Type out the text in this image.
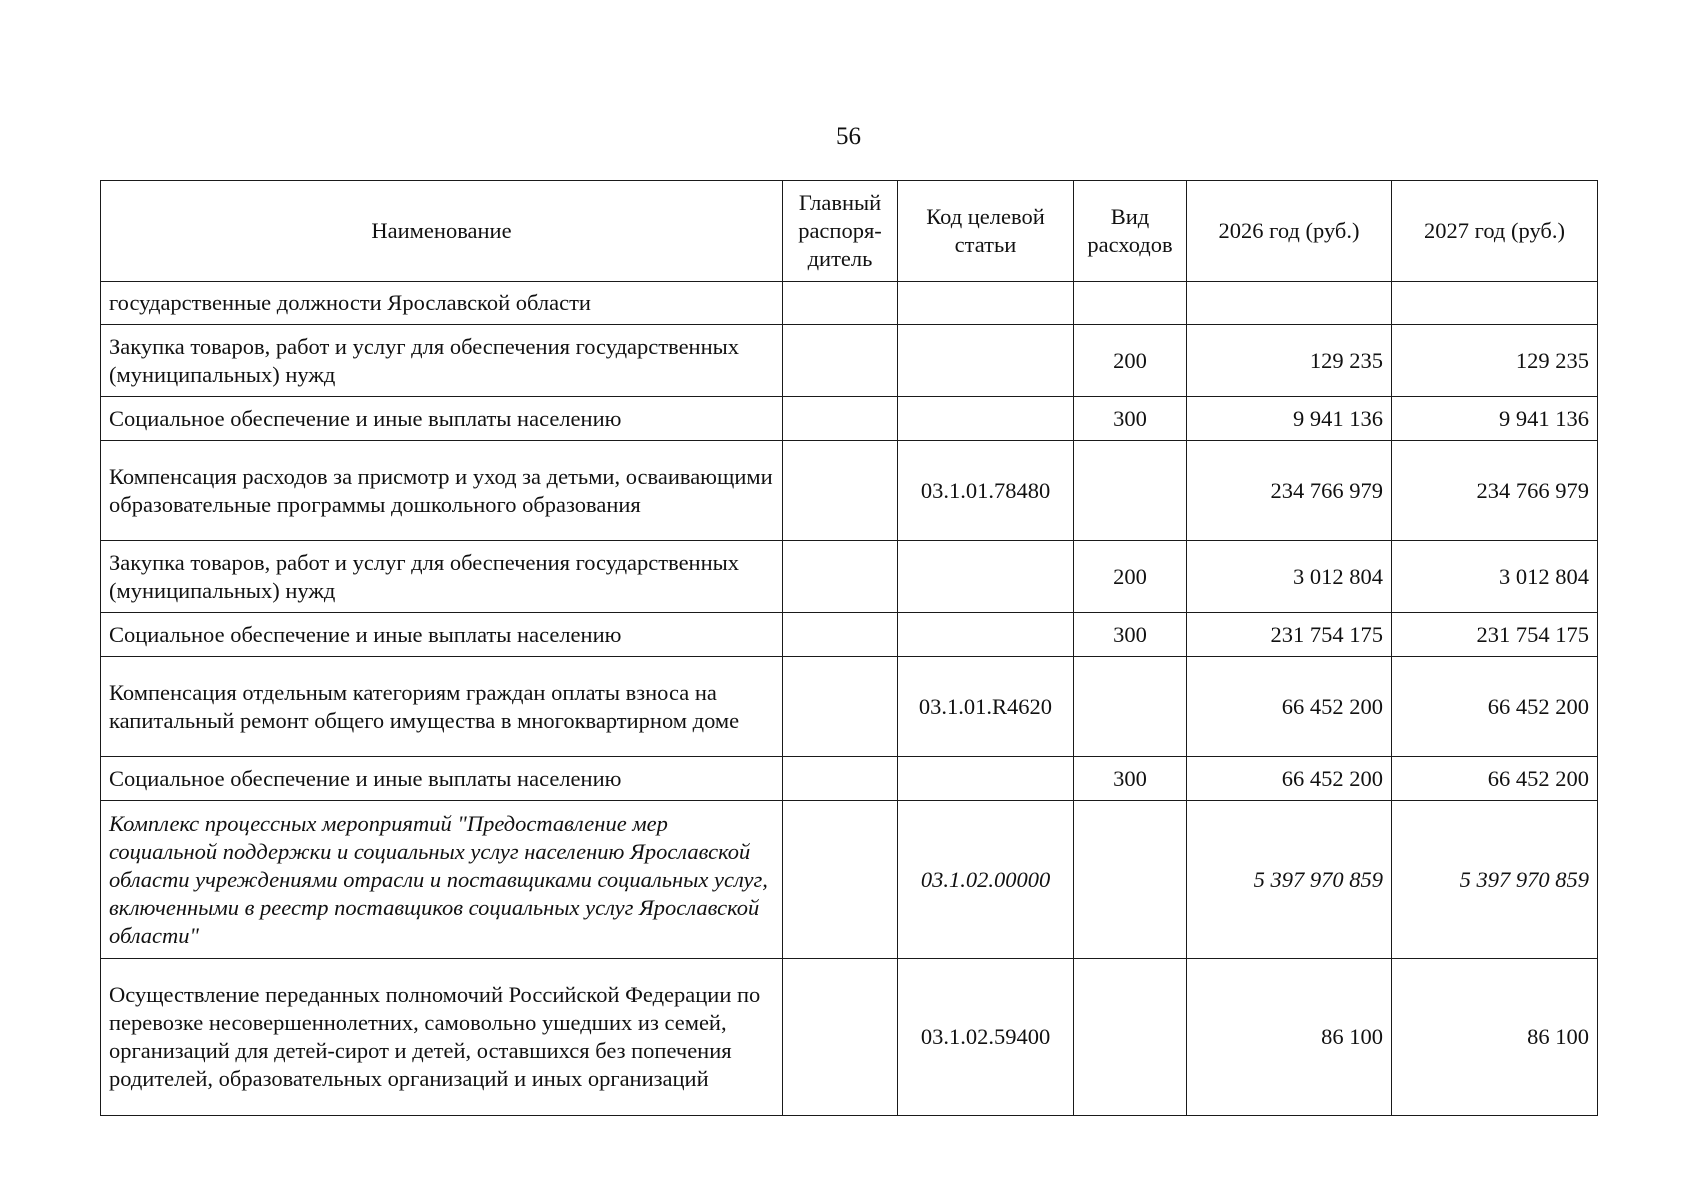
56
Наименование	Главный распоря-дитель	Код целевой статьи	Вид расходов	2026 год (руб.)	2027 год (руб.)
государственные должности Ярославской области					
Закупка товаров, работ и услуг для обеспечения государственных (муниципальных) нужд			200	129 235	129 235
Социальное обеспечение и иные выплаты населению			300	9 941 136	9 941 136
Компенсация расходов за присмотр и уход за детьми, осваивающими образовательные программы дошкольного образования		03.1.01.78480		234 766 979	234 766 979
Закупка товаров, работ и услуг для обеспечения государственных (муниципальных) нужд			200	3 012 804	3 012 804
Социальное обеспечение и иные выплаты населению			300	231 754 175	231 754 175
Компенсация отдельным категориям граждан оплаты взноса на капитальный ремонт общего имущества в многоквартирном доме		03.1.01.R4620		66 452 200	66 452 200
Социальное обеспечение и иные выплаты населению			300	66 452 200	66 452 200
Комплекс процессных мероприятий "Предоставление мер социальной поддержки и социальных услуг населению Ярославской области учреждениями отрасли и поставщиками социальных услуг, включенными в реестр поставщиков социальных услуг Ярославской области"		03.1.02.00000		5 397 970 859	5 397 970 859
Осуществление переданных полномочий Российской Федерации по перевозке несовершеннолетних, самовольно ушедших из семей, организаций для детей-сирот и детей, оставшихся без попечения родителей, образовательных организаций и иных организаций		03.1.02.59400		86 100	86 100
